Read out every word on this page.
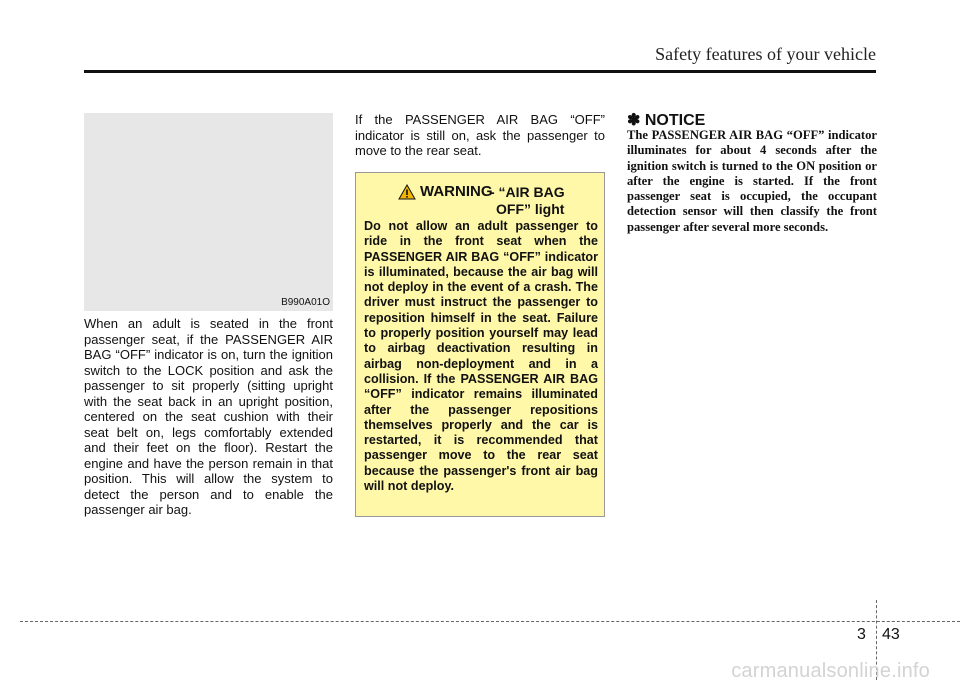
Safety features of your vehicle
B990A01O
When an adult is seated in the front passenger seat, if the PASSENGER AIR BAG “OFF” indicator is on, turn the ignition switch to the LOCK position and ask the passenger to sit properly (sitting upright with the seat back in an upright position, centered on the seat cushion with their seat belt on, legs comfortably extended and their feet on the floor). Restart the engine and have the person remain in that position. This will allow the system to detect the person and to enable the passenger air bag.
If the PASSENGER AIR BAG “OFF” indicator is still on, ask the passenger to move to the rear seat.
WARNING
- “AIR BAG
OFF” light
Do not allow an adult passenger to ride in the front seat when the PASSENGER AIR BAG “OFF” indicator is illuminated, because the air bag will not deploy in the event of a crash. The driver must instruct the passenger to reposition himself in the seat. Failure to properly position yourself may lead to airbag deactivation resulting in airbag non-deployment and in a collision. If the PASSENGER AIR BAG “OFF” indicator remains illuminated after the passenger repositions themselves properly and the car is restarted, it is recommended that passenger move to the rear seat because the passenger's front air bag will not deploy.
✽ NOTICE
The PASSENGER AIR BAG “OFF” indicator illuminates for about 4 seconds after the ignition switch is turned to the ON position or after the engine is started. If the front passenger seat is occupied, the occupant detection sensor will then classify the front passenger after several more seconds.
3 43
carmanualsonline.info
